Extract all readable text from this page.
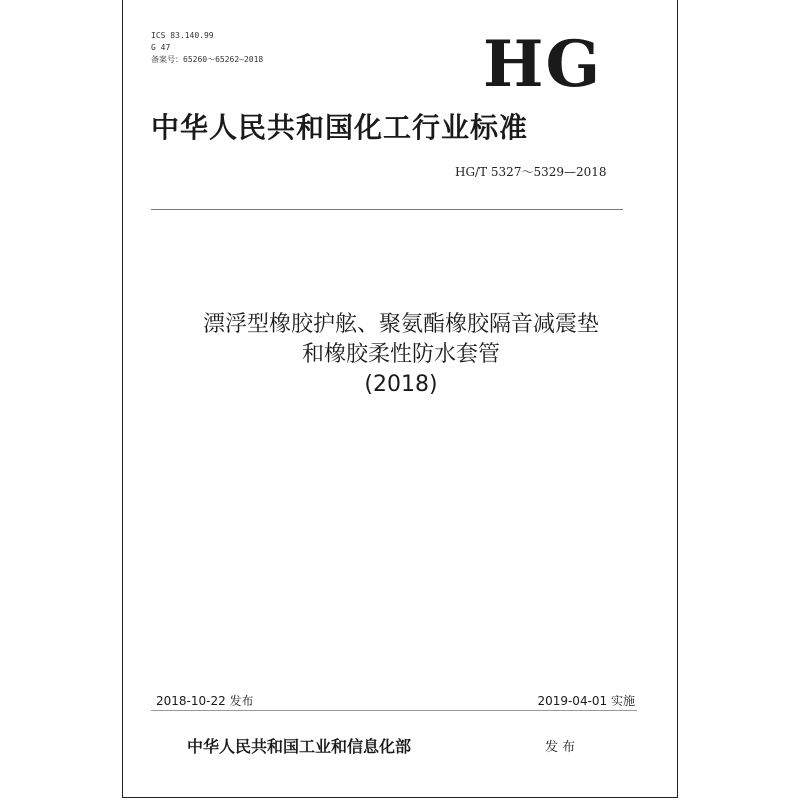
ICS 83.140.99
G 47
备案号：65260～65262—2018	HG
中华人民共和国化工行业标准
HG/T 5327～5329—2018
漂浮型橡胶护舷、聚氨酯橡胶隔音减震垫
和橡胶柔性防水套管
(2018)
2018-10-22 发布	2019-04-01 实施
中华人民共和国工业和信息化部	发 布
